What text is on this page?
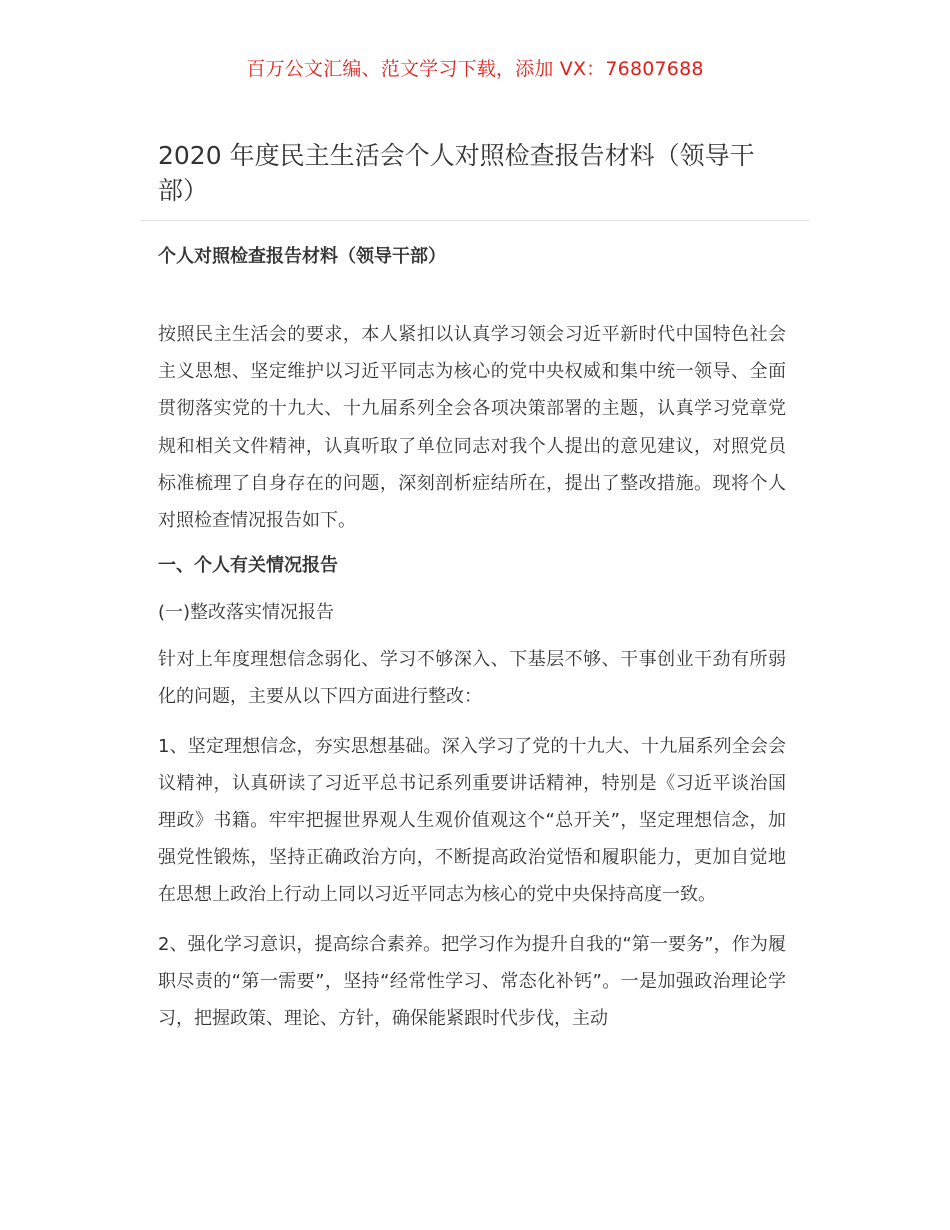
百万公文汇编、范文学习下载，添加 VX：76807688
2020 年度民主生活会个人对照检查报告材料（领导干部）

个人对照检查报告材料（领导干部）

按照民主生活会的要求，本人紧扣以认真学习领会习近平新时代中国特色社会主义思想、坚定维护以习近平同志为核心的党中央权威和集中统一领导、全面贯彻落实党的十九大、十九届系列全会各项决策部署的主题，认真学习党章党规和相关文件精神，认真听取了单位同志对我个人提出的意见建议，对照党员标准梳理了自身存在的问题，深刻剖析症结所在，提出了整改措施。现将个人对照检查情况报告如下。

一、个人有关情况报告

(一)整改落实情况报告

针对上年度理想信念弱化、学习不够深入、下基层不够、干事创业干劲有所弱化的问题，主要从以下四方面进行整改：

1、坚定理想信念，夯实思想基础。深入学习了党的十九大、十九届系列全会会议精神，认真研读了习近平总书记系列重要讲话精神，特别是《习近平谈治国理政》书籍。牢牢把握世界观人生观价值观这个“总开关”，坚定理想信念，加强党性锻炼，坚持正确政治方向，不断提高政治觉悟和履职能力，更加自觉地在思想上政治上行动上同以习近平同志为核心的党中央保持高度一致。

2、强化学习意识，提高综合素养。把学习作为提升自我的“第一要务”，作为履职尽责的“第一需要”，坚持“经常性学习、常态化补钙”。一是加强政治理论学习，把握政策、理论、方针，确保能紧跟时代步伐，主动
